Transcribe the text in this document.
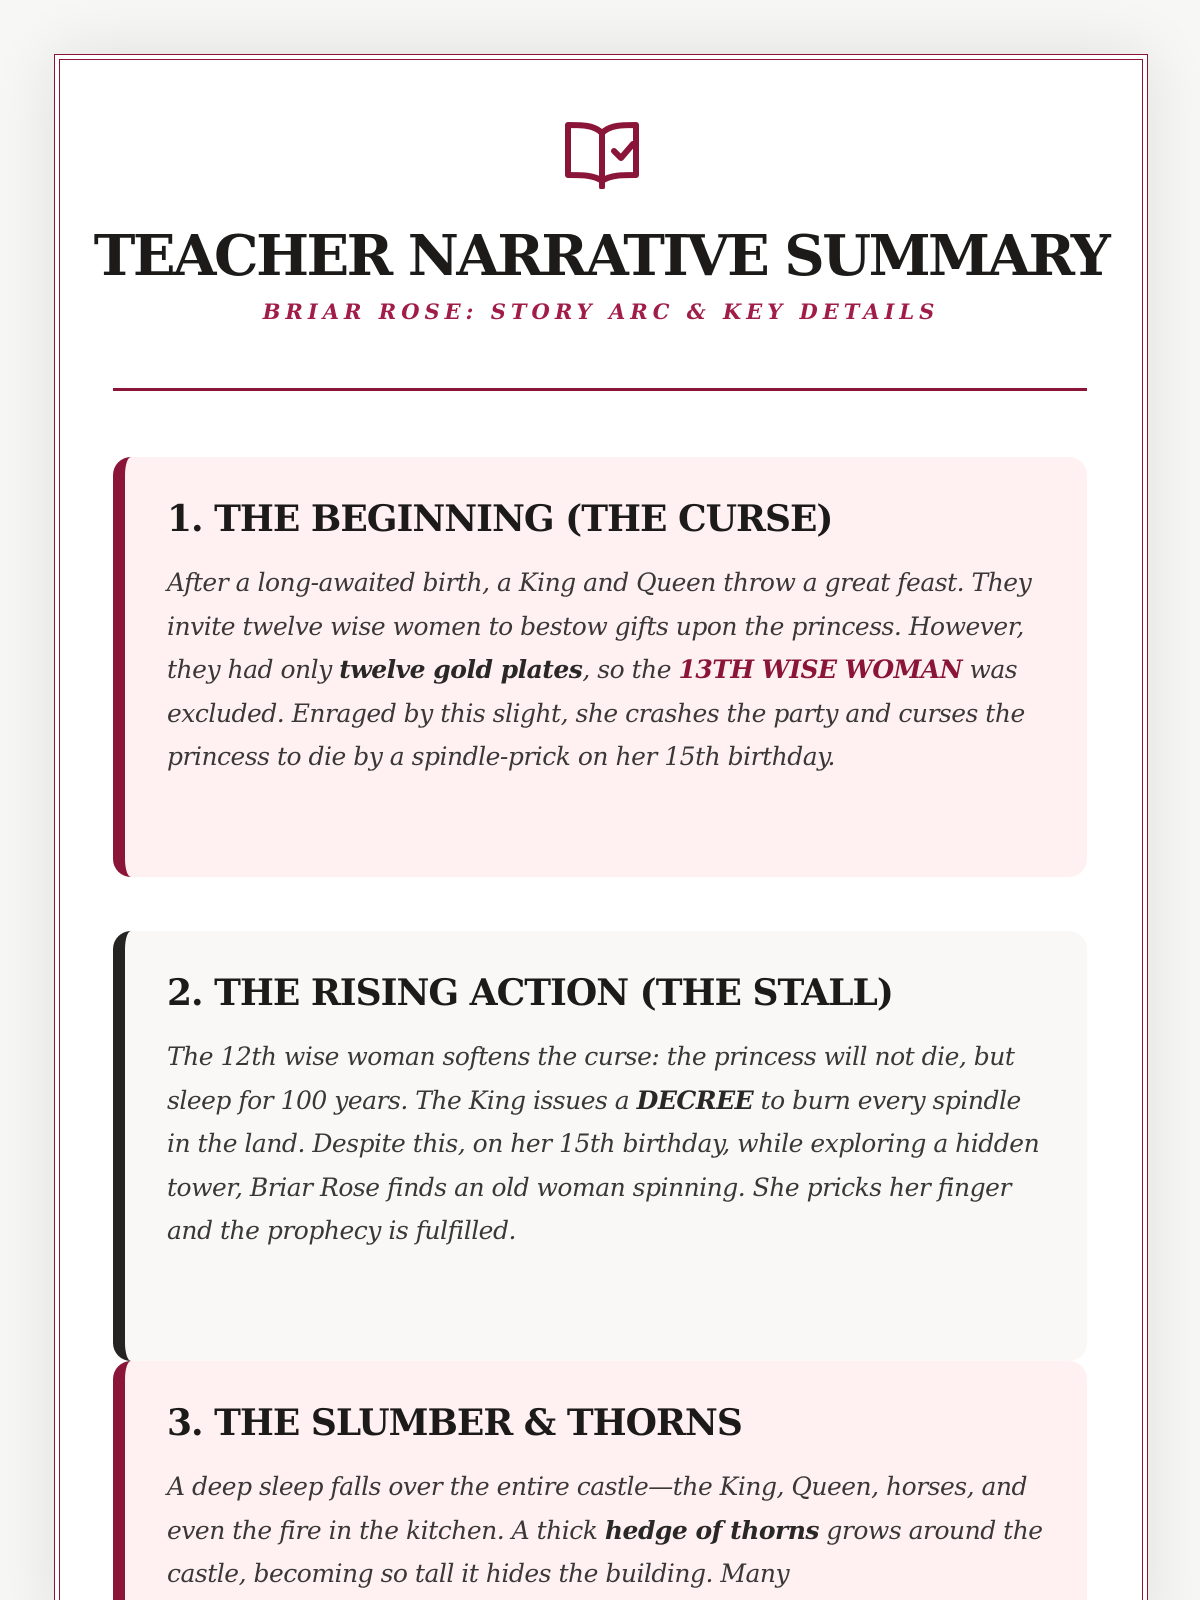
TEACHER NARRATIVE SUMMARY
BRIAR ROSE: STORY ARC & KEY DETAILS
1. THE BEGINNING (THE CURSE)

After a long-awaited birth, a King and Queen throw a great feast. They invite twelve wise women to bestow gifts upon the princess. However, they had only twelve gold plates, so the 13TH WISE WOMAN was excluded. Enraged by this slight, she crashes the party and curses the princess to die by a spindle-prick on her 15th birthday.

2. THE RISING ACTION (THE STALL)

The 12th wise woman softens the curse: the princess will not die, but sleep for 100 years. The King issues a DECREE to burn every spindle in the land. Despite this, on her 15th birthday, while exploring a hidden tower, Briar Rose finds an old woman spinning. She pricks her finger and the prophecy is fulfilled.

3. THE SLUMBER & THORNS

A deep sleep falls over the entire castle—the King, Queen, horses, and even the fire in the kitchen. A thick hedge of thorns grows around the castle, becoming so tall it hides the building. Many
